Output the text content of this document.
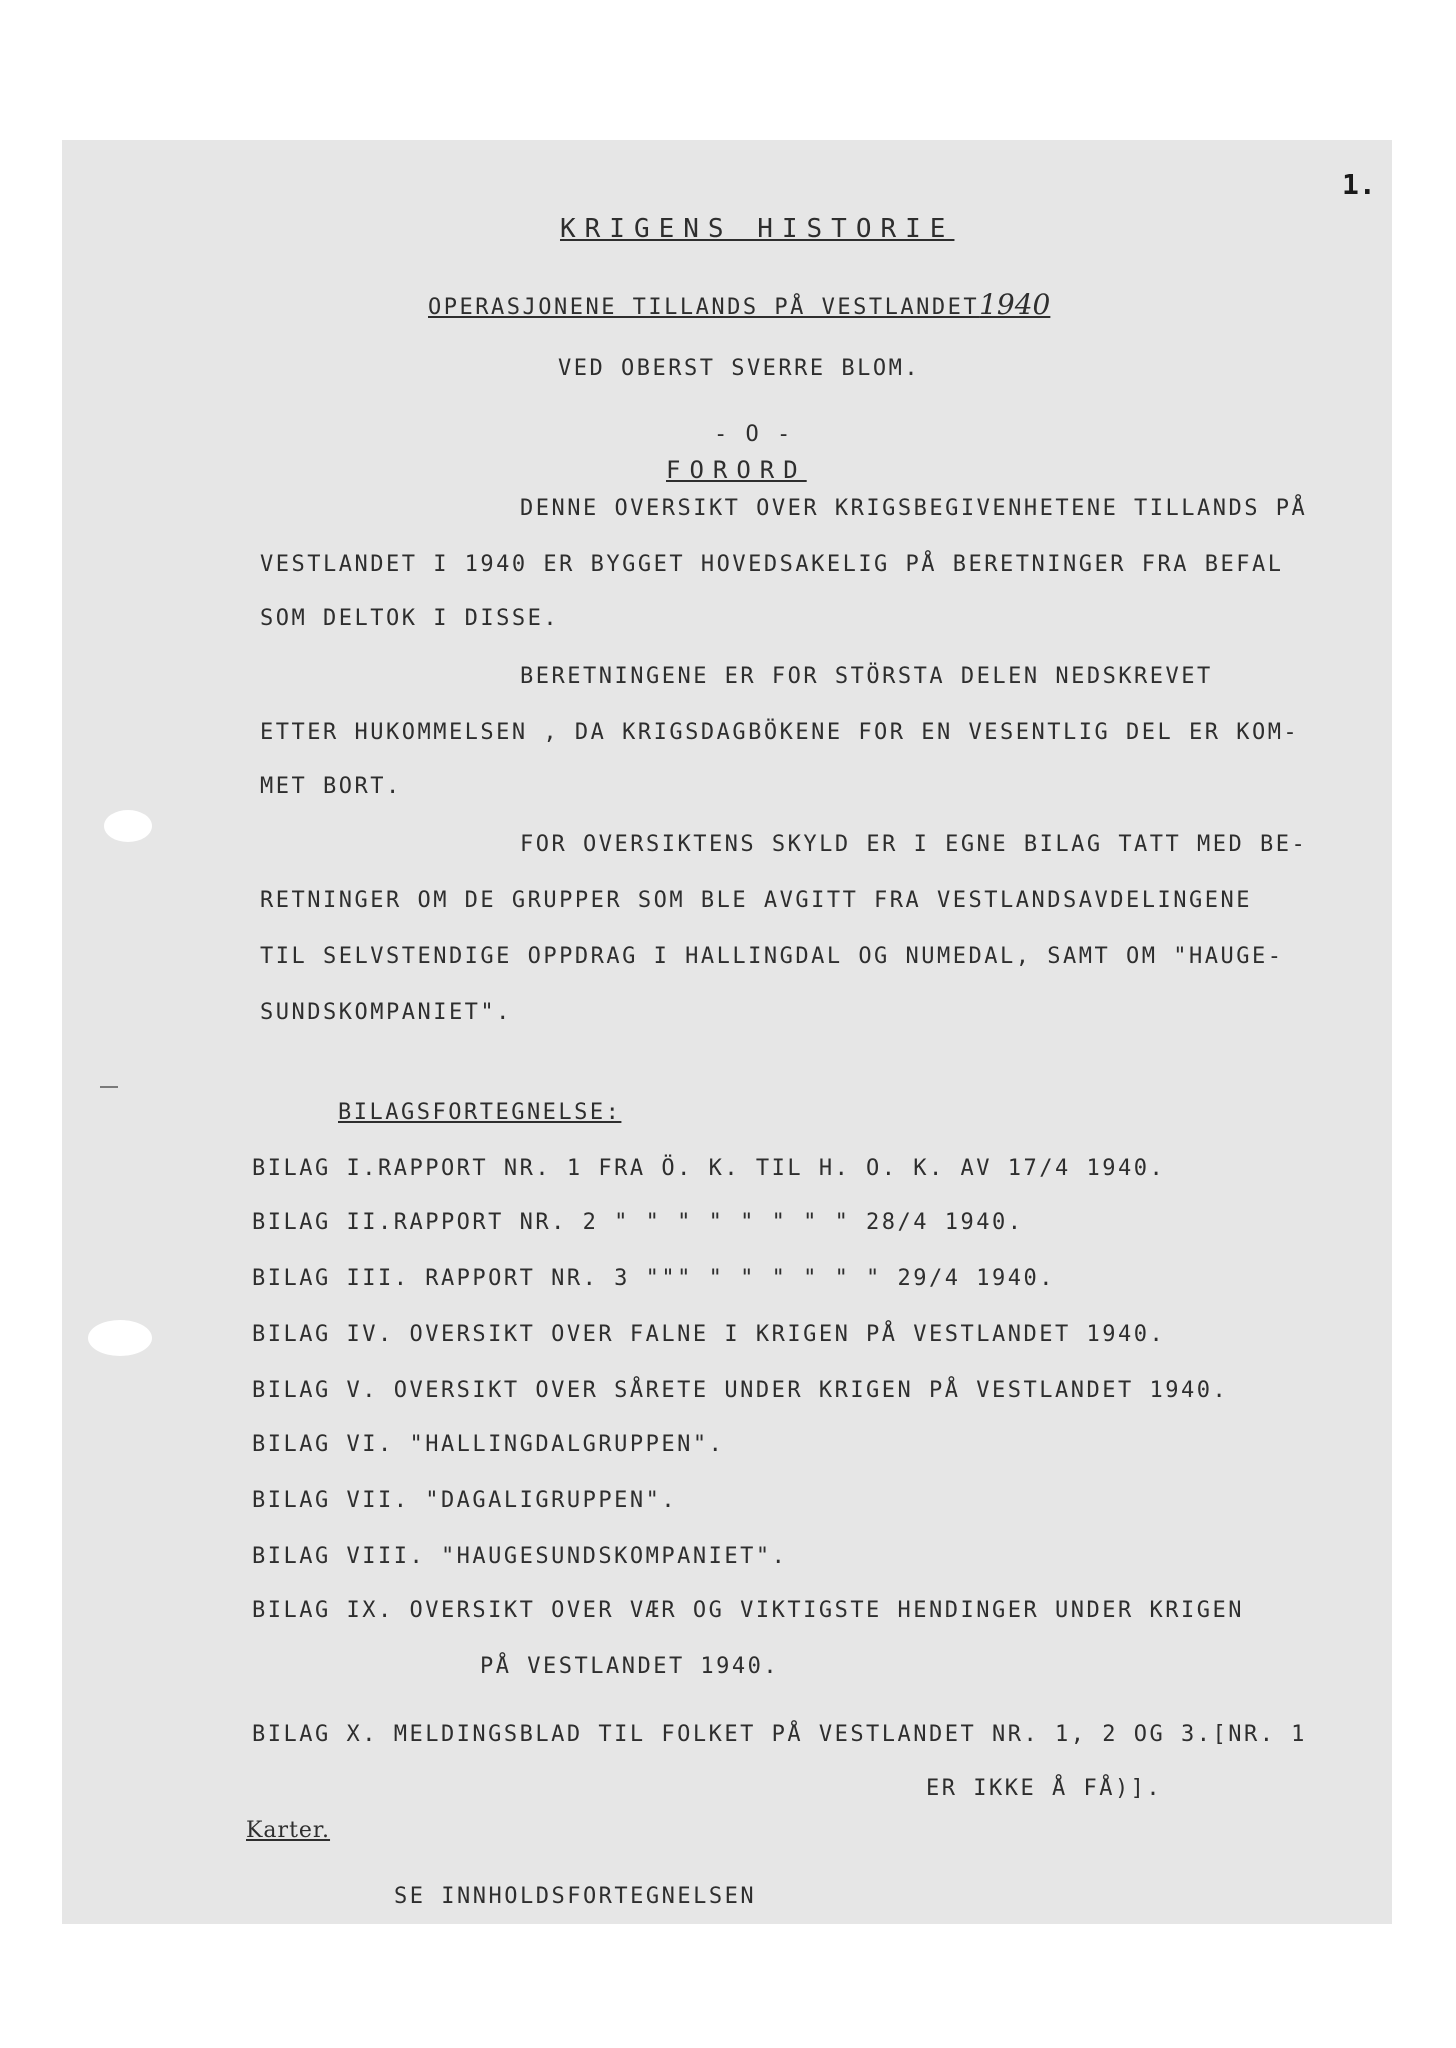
1.
KRIGENS HISTORIE
OPERASJONENE TILLANDS PÅ VESTLANDET1940
VED OBERST SVERRE BLOM.
- O -
FORORD
DENNE OVERSIKT OVER KRIGSBEGIVENHETENE TILLANDS PÅ
VESTLANDET I 1940 ER BYGGET HOVEDSAKELIG PÅ BERETNINGER FRA BEFAL
SOM DELTOK I DISSE.
BERETNINGENE ER FOR STÖRSTA DELEN NEDSKREVET
ETTER HUKOMMELSEN , DA KRIGSDAGBÖKENE FOR EN VESENTLIG DEL ER KOM-
MET BORT.
FOR OVERSIKTENS SKYLD ER I EGNE BILAG TATT MED BE-
RETNINGER OM DE GRUPPER SOM BLE AVGITT FRA VESTLANDSAVDELINGENE
TIL SELVSTENDIGE OPPDRAG I HALLINGDAL OG NUMEDAL, SAMT OM "HAUGE-
SUNDSKOMPANIET".
BILAGSFORTEGNELSE:
BILAG I.RAPPORT NR. 1 FRA Ö. K. TIL H. O. K. AV 17/4 1940.
BILAG II.RAPPORT NR. 2 " " " " " " " " 28/4 1940.
BILAG III. RAPPORT NR. 3 """ " " " " " " 29/4 1940.
BILAG IV. OVERSIKT OVER FALNE I KRIGEN PÅ VESTLANDET 1940.
BILAG V. OVERSIKT OVER SÅRETE UNDER KRIGEN PÅ VESTLANDET 1940.
BILAG VI. "HALLINGDALGRUPPEN".
BILAG VII. "DAGALIGRUPPEN".
BILAG VIII. "HAUGESUNDSKOMPANIET".
BILAG IX. OVERSIKT OVER VÆR OG VIKTIGSTE HENDINGER UNDER KRIGEN
PÅ VESTLANDET 1940.
BILAG X. MELDINGSBLAD TIL FOLKET PÅ VESTLANDET NR. 1, 2 OG 3.[NR. 1
ER IKKE Å FÅ)].
Karter.
SE INNHOLDSFORTEGNELSEN
